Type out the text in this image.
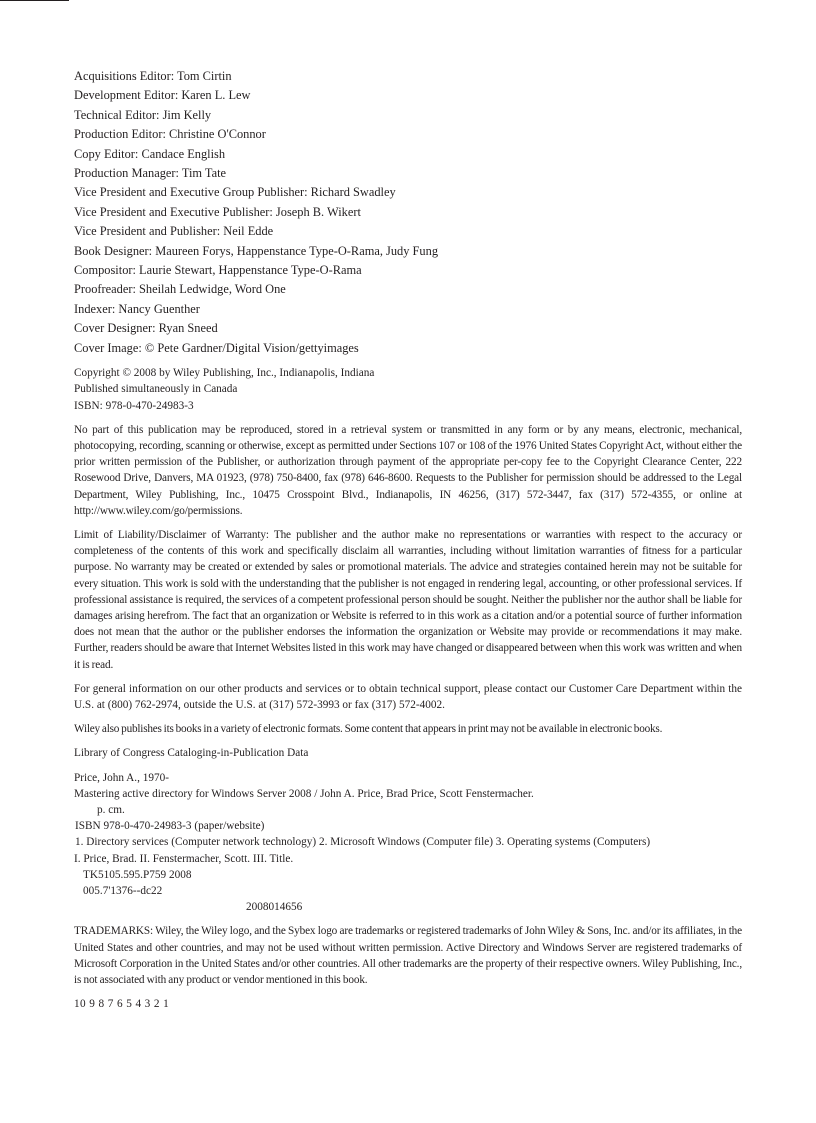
Acquisitions Editor: Tom Cirtin
Development Editor: Karen L. Lew
Technical Editor: Jim Kelly
Production Editor: Christine O'Connor
Copy Editor: Candace English
Production Manager: Tim Tate
Vice President and Executive Group Publisher: Richard Swadley
Vice President and Executive Publisher: Joseph B. Wikert
Vice President and Publisher: Neil Edde
Book Designer: Maureen Forys, Happenstance Type-O-Rama, Judy Fung
Compositor: Laurie Stewart, Happenstance Type-O-Rama
Proofreader: Sheilah Ledwidge, Word One
Indexer: Nancy Guenther
Cover Designer: Ryan Sneed
Cover Image: © Pete Gardner/Digital Vision/gettyimages
Copyright © 2008 by Wiley Publishing, Inc., Indianapolis, Indiana
Published simultaneously in Canada
ISBN: 978-0-470-24983-3

No part of this publication may be reproduced, stored in a retrieval system or transmitted in any form or by any means, electronic, mechanical, photocopying, recording, scanning or otherwise, except as permitted under Sections 107 or 108 of the 1976 United States Copyright Act, without either the prior written permission of the Publisher, or authorization through payment of the appropriate per-copy fee to the Copyright Clearance Center, 222 Rosewood Drive, Danvers, MA 01923, (978) 750-8400, fax (978) 646-8600. Requests to the Publisher for permission should be addressed to the Legal Department, Wiley Publishing, Inc., 10475 Crosspoint Blvd., Indianapolis, IN 46256, (317) 572-3447, fax (317) 572-4355, or online at http://www.wiley.com/go/permissions.

Limit of Liability/Disclaimer of Warranty: The publisher and the author make no representations or warranties with respect to the accuracy or completeness of the contents of this work and specifically disclaim all warranties, including without limitation warranties of fitness for a particular purpose. No warranty may be created or extended by sales or promotional materials. The advice and strategies contained herein may not be suitable for every situation. This work is sold with the understanding that the publisher is not engaged in rendering legal, accounting, or other professional services. If professional assistance is required, the services of a competent professional person should be sought. Neither the publisher nor the author shall be liable for damages arising herefrom. The fact that an organization or Website is referred to in this work as a citation and/or a potential source of further information does not mean that the author or the publisher endorses the information the organization or Website may provide or recommendations it may make. Further, readers should be aware that Internet Websites listed in this work may have changed or disappeared between when this work was written and when it is read.

For general information on our other products and services or to obtain technical support, please contact our Customer Care Department within the U.S. at (800) 762-2974, outside the U.S. at (317) 572-3993 or fax (317) 572-4002.

Wiley also publishes its books in a variety of electronic formats. Some content that appears in print may not be available in electronic books.

Library of Congress Cataloging-in-Publication Data
Price, John A., 1970-
Mastering active directory for Windows Server 2008 / John A. Price, Brad Price, Scott Fenstermacher.
p. cm.
ISBN 978-0-470-24983-3 (paper/website)
1. Directory services (Computer network technology) 2. Microsoft Windows (Computer file) 3. Operating systems (Computers)
I. Price, Brad. II. Fenstermacher, Scott. III. Title.
TK5105.595.P759 2008
005.7'1376--dc22
2008014656

TRADEMARKS: Wiley, the Wiley logo, and the Sybex logo are trademarks or registered trademarks of John Wiley & Sons, Inc. and/or its affiliates, in the United States and other countries, and may not be used without written permission. Active Directory and Windows Server are registered trademarks of Microsoft Corporation in the United States and/or other countries. All other trademarks are the property of their respective owners. Wiley Publishing, Inc., is not associated with any product or vendor mentioned in this book.

10 9 8 7 6 5 4 3 2 1
